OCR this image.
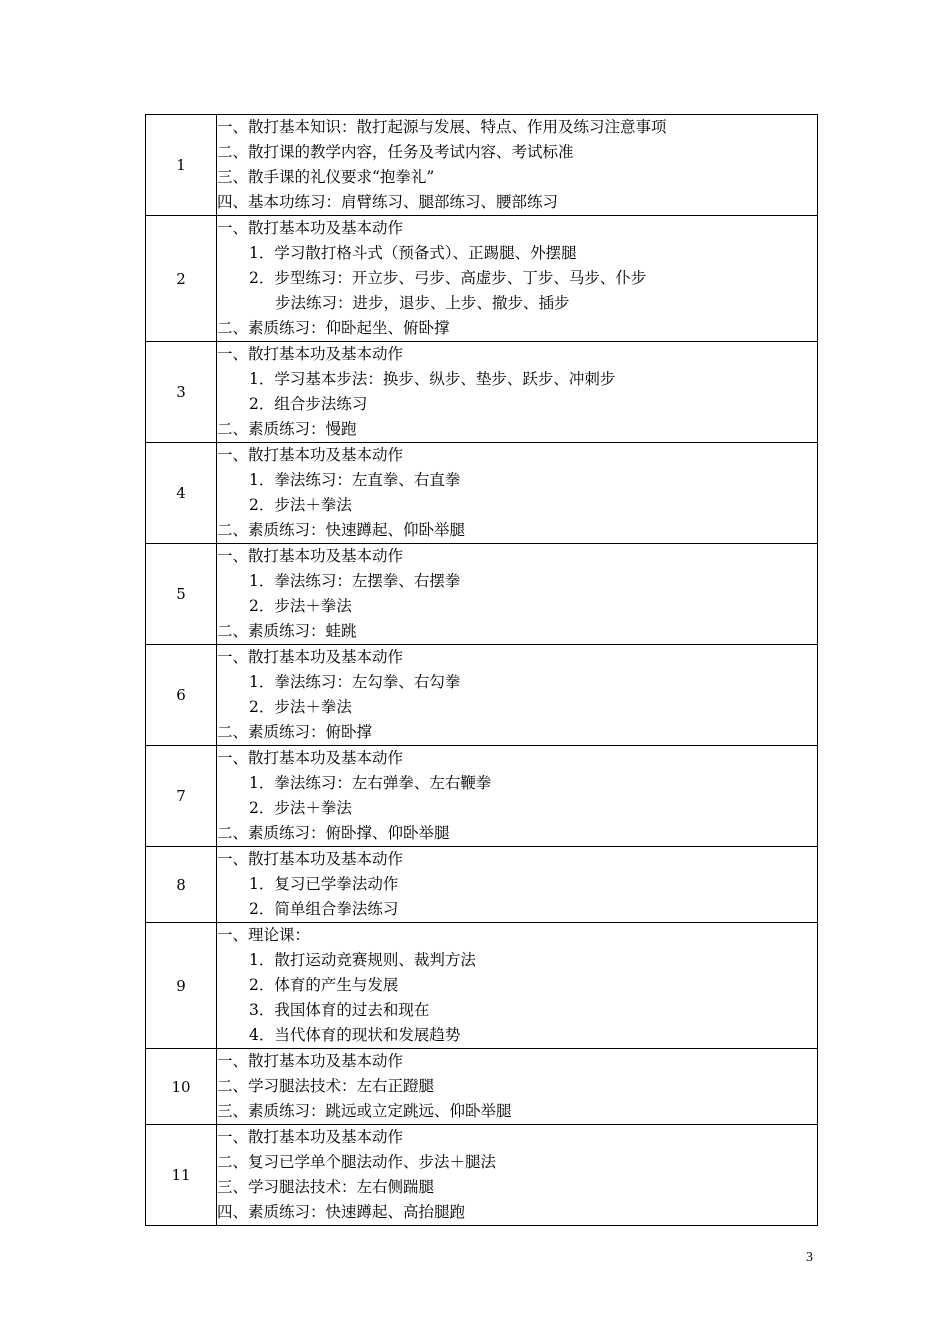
1	一、散打基本知识：散打起源与发展、特点、作用及练习注意事项
二、散打课的教学内容，任务及考试内容、考试标准
三、散手课的礼仪要求“抱拳礼”
四、基本功练习：肩臂练习、腿部练习、腰部练习

2	一、散打基本功及基本动作
1．学习散打格斗式（预备式）、正踢腿、外摆腿
2．步型练习：开立步、弓步、高虚步、丁步、马步、仆步
步法练习：进步，退步、上步、撤步、插步
二、素质练习：仰卧起坐、俯卧撑

3	一、散打基本功及基本动作
1．学习基本步法：换步、纵步、垫步、跃步、冲刺步
2．组合步法练习
二、素质练习：慢跑

4	一、散打基本功及基本动作
1．拳法练习：左直拳、右直拳
2．步法＋拳法
二、素质练习：快速蹲起、仰卧举腿

5	一、散打基本功及基本动作
1．拳法练习：左摆拳、右摆拳
2．步法＋拳法
二、素质练习：蛙跳

6	一、散打基本功及基本动作
1．拳法练习：左勾拳、右勾拳
2．步法＋拳法
二、素质练习：俯卧撑

7	一、散打基本功及基本动作
1．拳法练习：左右弹拳、左右鞭拳
2．步法＋拳法
二、素质练习：俯卧撑、仰卧举腿

8	一、散打基本功及基本动作
1．复习已学拳法动作
2．简单组合拳法练习

9	一、理论课：
1．散打运动竞赛规则、裁判方法
2．体育的产生与发展
3．我国体育的过去和现在
4．当代体育的现状和发展趋势

10	一、散打基本功及基本动作
二、学习腿法技术：左右正蹬腿
三、素质练习：跳远或立定跳远、仰卧举腿

11	一、散打基本功及基本动作
二、复习已学单个腿法动作、步法＋腿法
三、学习腿法技术：左右侧踹腿
四、素质练习：快速蹲起、高抬腿跑
3
